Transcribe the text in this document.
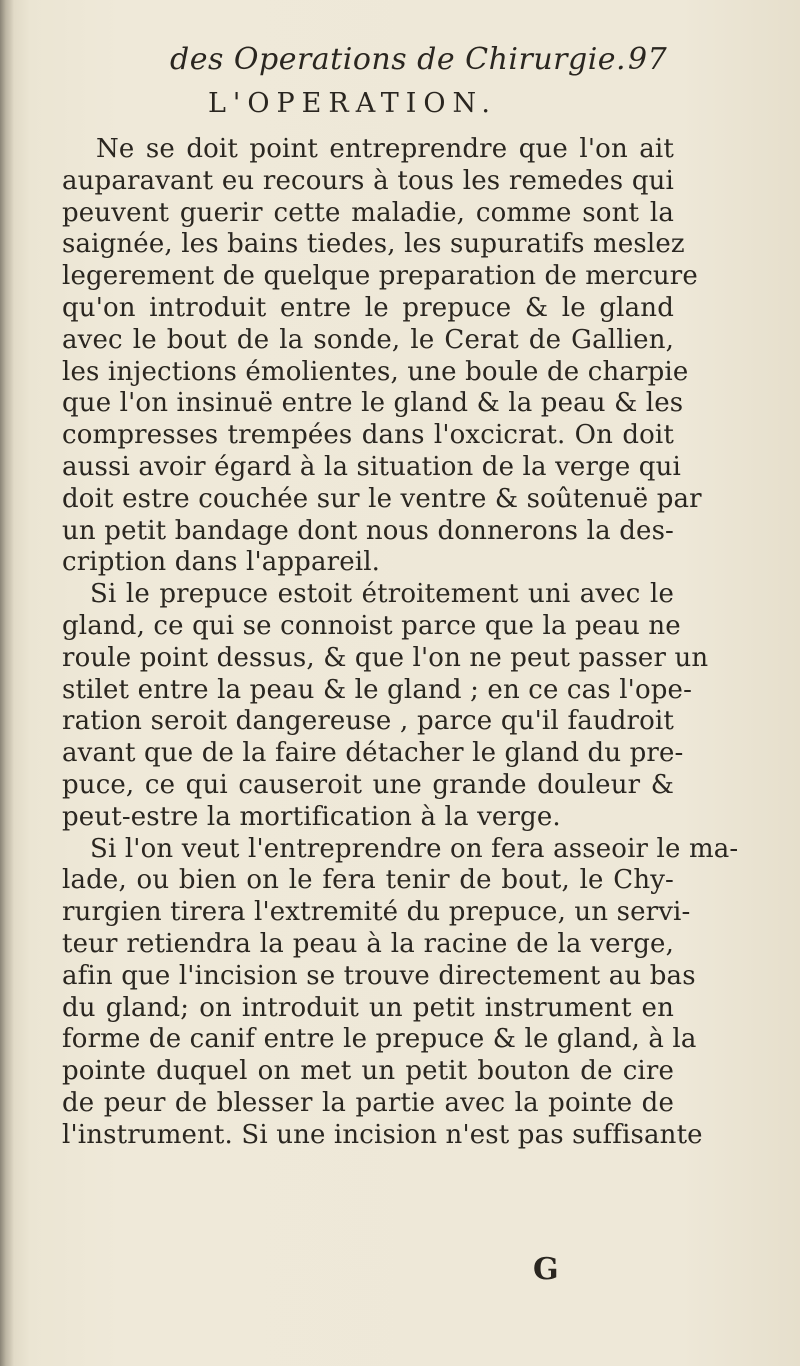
des Operations de Chirurgie. 97
L'OPERATION.
Ne se doit point entreprendre que l'on ait
auparavant eu recours à tous les remedes qui
peuvent guerir cette maladie, comme sont la
saignée, les bains tiedes, les supuratifs meslez
legerement de quelque preparation de mercure
qu'on introduit entre le prepuce & le gland
avec le bout de la sonde, le Cerat de Gallien,
les injections émolientes, une boule de charpie
que l'on insinuë entre le gland & la peau & les
compresses trempées dans l'oxcicrat. On doit
aussi avoir égard à la situation de la verge qui
doit estre couchée sur le ventre & soûtenuë par
un petit bandage dont nous donnerons la des-
cription dans l'appareil.
Si le prepuce estoit étroitement uni avec le
gland, ce qui se connoist parce que la peau ne
roule point dessus, & que l'on ne peut passer un
stilet entre la peau & le gland ; en ce cas l'ope-
ration seroit dangereuse , parce qu'il faudroit
avant que de la faire détacher le gland du pre-
puce, ce qui causeroit une grande douleur &
peut-estre la mortification à la verge.
Si l'on veut l'entreprendre on fera asseoir le ma-
lade, ou bien on le fera tenir de bout, le Chy-
rurgien tirera l'extremité du prepuce, un servi-
teur retiendra la peau à la racine de la verge,
afin que l'incision se trouve directement au bas
du gland; on introduit un petit instrument en
forme de canif entre le prepuce & le gland, à la
pointe duquel on met un petit bouton de cire
de peur de blesser la partie avec la pointe de
l'instrument. Si une incision n'est pas suffisante
G
